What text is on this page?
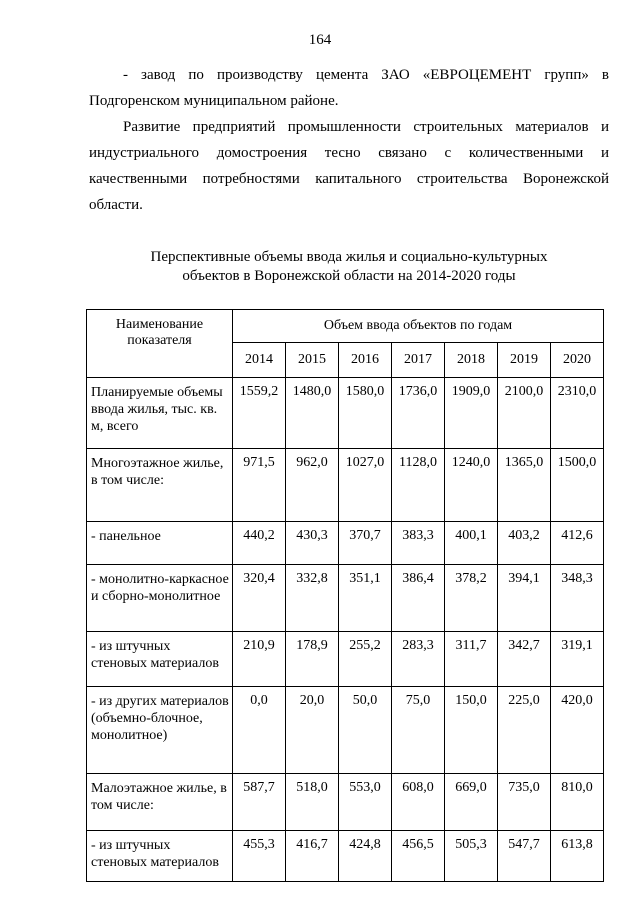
164
- завод по производству цемента ЗАО «ЕВРОЦЕМЕНТ групп» в Подгоренском муниципальном районе.
Развитие предприятий промышленности строительных материалов и индустриального домостроения тесно связано с количественными и качественными потребностями капитального строительства Воронежской области.
Перспективные объемы ввода жилья и социально-культурных
объектов в Воронежской области на 2014-2020 годы
Наименование показателя	Объем ввода объектов по годам						
	2014	2015	2016	2017	2018	2019	2020
Планируемые объемы ввода жилья, тыс. кв. м, всего	1559,2	1480,0	1580,0	1736,0	1909,0	2100,0	2310,0
Многоэтажное жилье, в том числе:	971,5	962,0	1027,0	1128,0	1240,0	1365,0	1500,0
- панельное	440,2	430,3	370,7	383,3	400,1	403,2	412,6
- монолитно-каркасное и сборно-монолитное	320,4	332,8	351,1	386,4	378,2	394,1	348,3
- из штучных стеновых материалов	210,9	178,9	255,2	283,3	311,7	342,7	319,1
- из других материалов (объемно-блочное, монолитное)	0,0	20,0	50,0	75,0	150,0	225,0	420,0
Малоэтажное жилье, в том числе:	587,7	518,0	553,0	608,0	669,0	735,0	810,0
- из штучных стеновых материалов	455,3	416,7	424,8	456,5	505,3	547,7	613,8
